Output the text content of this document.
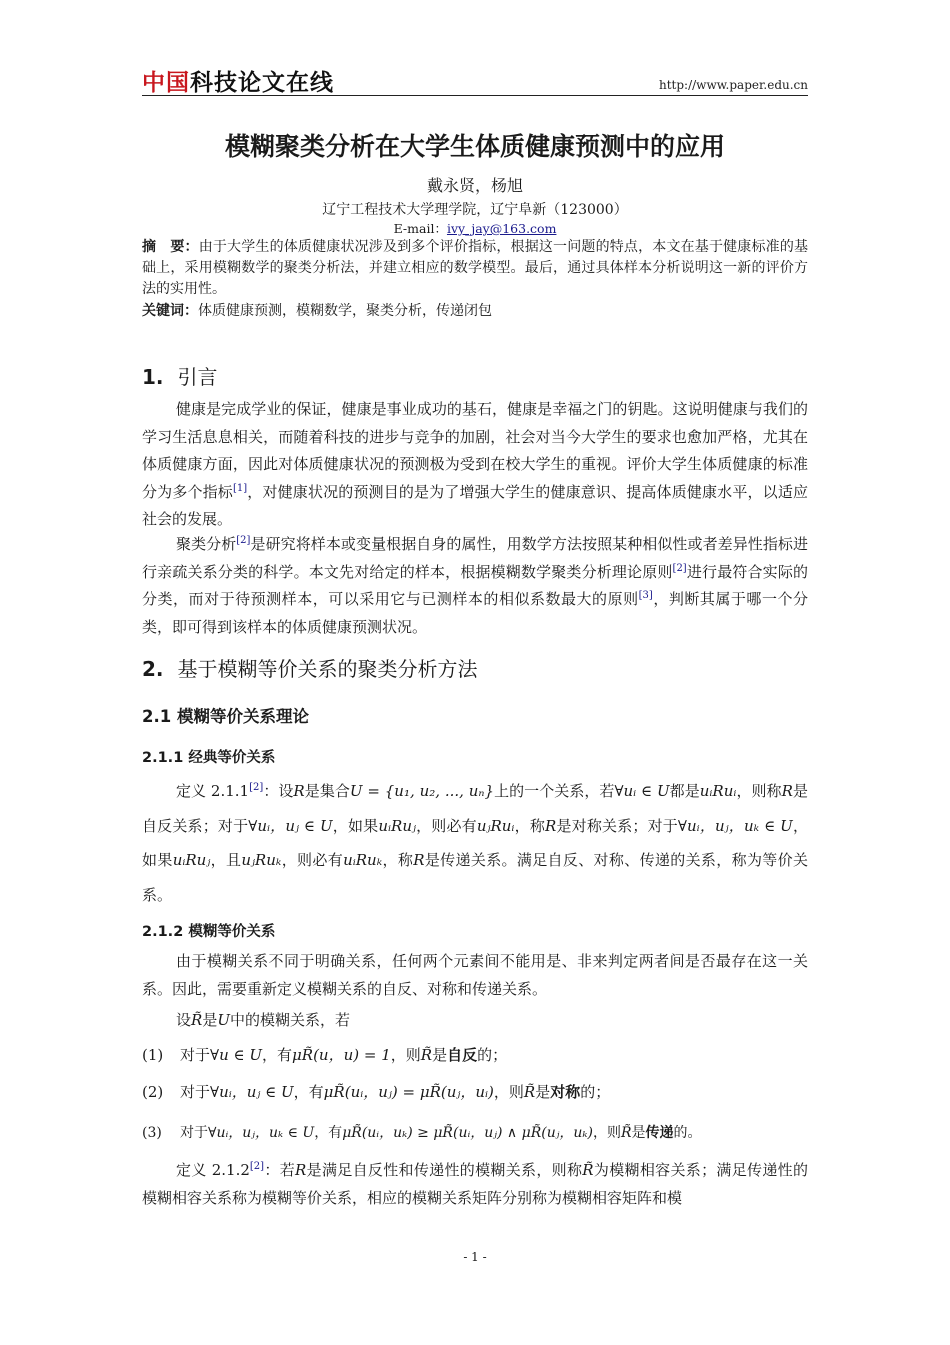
中国科技论文在线	http://www.paper.edu.cn
模糊聚类分析在大学生体质健康预测中的应用
戴永贤，杨旭
辽宁工程技术大学理学院，辽宁阜新（123000）
E-mail：ivy_jay@163.com
摘　要：由于大学生的体质健康状况涉及到多个评价指标，根据这一问题的特点，本文在基于健康标准的基础上，采用模糊数学的聚类分析法，并建立相应的数学模型。最后，通过具体样本分析说明这一新的评价方法的实用性。
关键词：体质健康预测，模糊数学，聚类分析，传递闭包
1. 引言
健康是完成学业的保证，健康是事业成功的基石，健康是幸福之门的钥匙。这说明健康与我们的学习生活息息相关，而随着科技的进步与竞争的加剧，社会对当今大学生的要求也愈加严格，尤其在体质健康方面，因此对体质健康状况的预测极为受到在校大学生的重视。评价大学生体质健康的标准分为多个指标[1]，对健康状况的预测目的是为了增强大学生的健康意识、提高体质健康水平，以适应社会的发展。
聚类分析[2]是研究将样本或变量根据自身的属性，用数学方法按照某种相似性或者差异性指标进行亲疏关系分类的科学。本文先对给定的样本，根据模糊数学聚类分析理论原则[2]进行最符合实际的分类，而对于待预测样本，可以采用它与已测样本的相似系数最大的原则[3]，判断其属于哪一个分类，即可得到该样本的体质健康预测状况。
2. 基于模糊等价关系的聚类分析方法
2.1 模糊等价关系理论
2.1.1 经典等价关系
定义 2.1.1[2]：设R是集合U = {u₁, u₂, ..., uₙ}上的一个关系，若∀uᵢ ∈ U都是uᵢRuᵢ，则称R是自反关系；对于∀uᵢ，uⱼ ∈ U，如果uᵢRuⱼ，则必有uⱼRuᵢ，称R是对称关系；对于∀uᵢ，uⱼ，uₖ ∈ U，如果uᵢRuⱼ，且uⱼRuₖ，则必有uᵢRuₖ，称R是传递关系。满足自反、对称、传递的关系，称为等价关系。
2.1.2 模糊等价关系
由于模糊关系不同于明确关系，任何两个元素间不能用是、非来判定两者间是否最存在这一关系。因此，需要重新定义模糊关系的自反、对称和传递关系。
设R̃是U中的模糊关系，若
(1) 对于∀u ∈ U，有μR̃(u，u) = 1，则R̃是自反的；
(2) 对于∀uᵢ，uⱼ ∈ U，有μR̃(uᵢ，uⱼ) = μR̃(uⱼ，uᵢ)，则R̃是对称的；
(3) 对于∀uᵢ，uⱼ，uₖ ∈ U，有μR̃(uᵢ，uₖ) ≥ μR̃(uᵢ，uⱼ) ∧ μR̃(uⱼ，uₖ)，则R̃是传递的。
定义 2.1.2[2]：若R是满足自反性和传递性的模糊关系，则称R̃为模糊相容关系；满足传递性的模糊相容关系称为模糊等价关系，相应的模糊关系矩阵分别称为模糊相容矩阵和模
- 1 -
